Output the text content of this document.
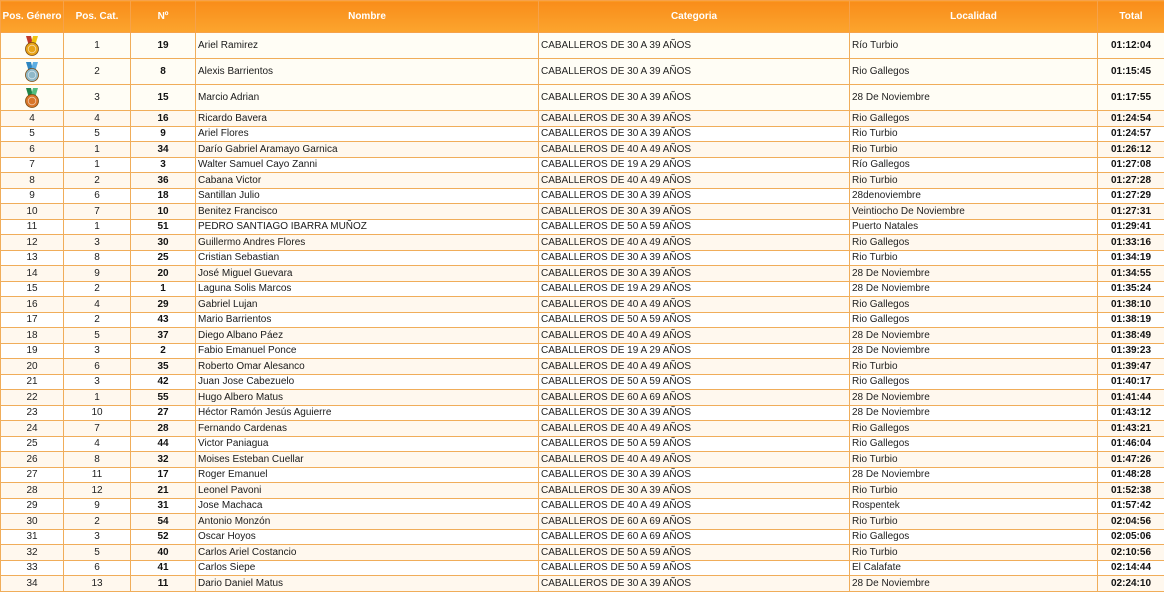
Pos. Género	Pos. Cat.	Nº	Nombre	Categoria	Localidad	Total
	1	19	Ariel Ramirez	CABALLEROS DE 30 A 39 AÑOS	Río Turbio	01:12:04
	2	8	Alexis Barrientos	CABALLEROS DE 30 A 39 AÑOS	Rio Gallegos	01:15:45
	3	15	Marcio Adrian	CABALLEROS DE 30 A 39 AÑOS	28 De Noviembre	01:17:55
4	4	16	Ricardo Bavera	CABALLEROS DE 30 A 39 AÑOS	Rio Gallegos	01:24:54
5	5	9	Ariel Flores	CABALLEROS DE 30 A 39 AÑOS	Rio Turbio	01:24:57
6	1	34	Darío Gabriel Aramayo Garnica	CABALLEROS DE 40 A 49 AÑOS	Rio Turbio	01:26:12
7	1	3	Walter Samuel Cayo Zanni	CABALLEROS DE 19 A 29 AÑOS	Río Gallegos	01:27:08
8	2	36	Cabana Victor	CABALLEROS DE 40 A 49 AÑOS	Rio Turbio	01:27:28
9	6	18	Santillan Julio	CABALLEROS DE 30 A 39 AÑOS	28denoviembre	01:27:29
10	7	10	Benitez Francisco	CABALLEROS DE 30 A 39 AÑOS	Veintiocho De Noviembre	01:27:31
11	1	51	PEDRO SANTIAGO IBARRA MUÑOZ	CABALLEROS DE 50 A 59 AÑOS	Puerto Natales	01:29:41
12	3	30	Guillermo Andres Flores	CABALLEROS DE 40 A 49 AÑOS	Rio Gallegos	01:33:16
13	8	25	Cristian Sebastian	CABALLEROS DE 30 A 39 AÑOS	Rio Turbio	01:34:19
14	9	20	José Miguel Guevara	CABALLEROS DE 30 A 39 AÑOS	28 De Noviembre	01:34:55
15	2	1	Laguna Solis Marcos	CABALLEROS DE 19 A 29 AÑOS	28 De Noviembre	01:35:24
16	4	29	Gabriel Lujan	CABALLEROS DE 40 A 49 AÑOS	Rio Gallegos	01:38:10
17	2	43	Mario Barrientos	CABALLEROS DE 50 A 59 AÑOS	Rio Gallegos	01:38:19
18	5	37	Diego Albano Páez	CABALLEROS DE 40 A 49 AÑOS	28 De Noviembre	01:38:49
19	3	2	Fabio Emanuel Ponce	CABALLEROS DE 19 A 29 AÑOS	28 De Noviembre	01:39:23
20	6	35	Roberto Omar Alesanco	CABALLEROS DE 40 A 49 AÑOS	Rio Turbio	01:39:47
21	3	42	Juan Jose Cabezuelo	CABALLEROS DE 50 A 59 AÑOS	Rio Gallegos	01:40:17
22	1	55	Hugo Albero Matus	CABALLEROS DE 60 A 69 AÑOS	28 De Noviembre	01:41:44
23	10	27	Héctor Ramón Jesús Aguierre	CABALLEROS DE 30 A 39 AÑOS	28 De Noviembre	01:43:12
24	7	28	Fernando Cardenas	CABALLEROS DE 40 A 49 AÑOS	Rio Gallegos	01:43:21
25	4	44	Victor Paniagua	CABALLEROS DE 50 A 59 AÑOS	Rio Gallegos	01:46:04
26	8	32	Moises Esteban Cuellar	CABALLEROS DE 40 A 49 AÑOS	Rio Turbio	01:47:26
27	11	17	Roger Emanuel	CABALLEROS DE 30 A 39 AÑOS	28 De Noviembre	01:48:28
28	12	21	Leonel Pavoni	CABALLEROS DE 30 A 39 AÑOS	Rio Turbio	01:52:38
29	9	31	Jose Machaca	CABALLEROS DE 40 A 49 AÑOS	Rospentek	01:57:42
30	2	54	Antonio Monzón	CABALLEROS DE 60 A 69 AÑOS	Rio Turbio	02:04:56
31	3	52	Oscar Hoyos	CABALLEROS DE 60 A 69 AÑOS	Rio Gallegos	02:05:06
32	5	40	Carlos Ariel Costancio	CABALLEROS DE 50 A 59 AÑOS	Rio Turbio	02:10:56
33	6	41	Carlos Siepe	CABALLEROS DE 50 A 59 AÑOS	El Calafate	02:14:44
34	13	11	Dario Daniel Matus	CABALLEROS DE 30 A 39 AÑOS	28 De Noviembre	02:24:10
